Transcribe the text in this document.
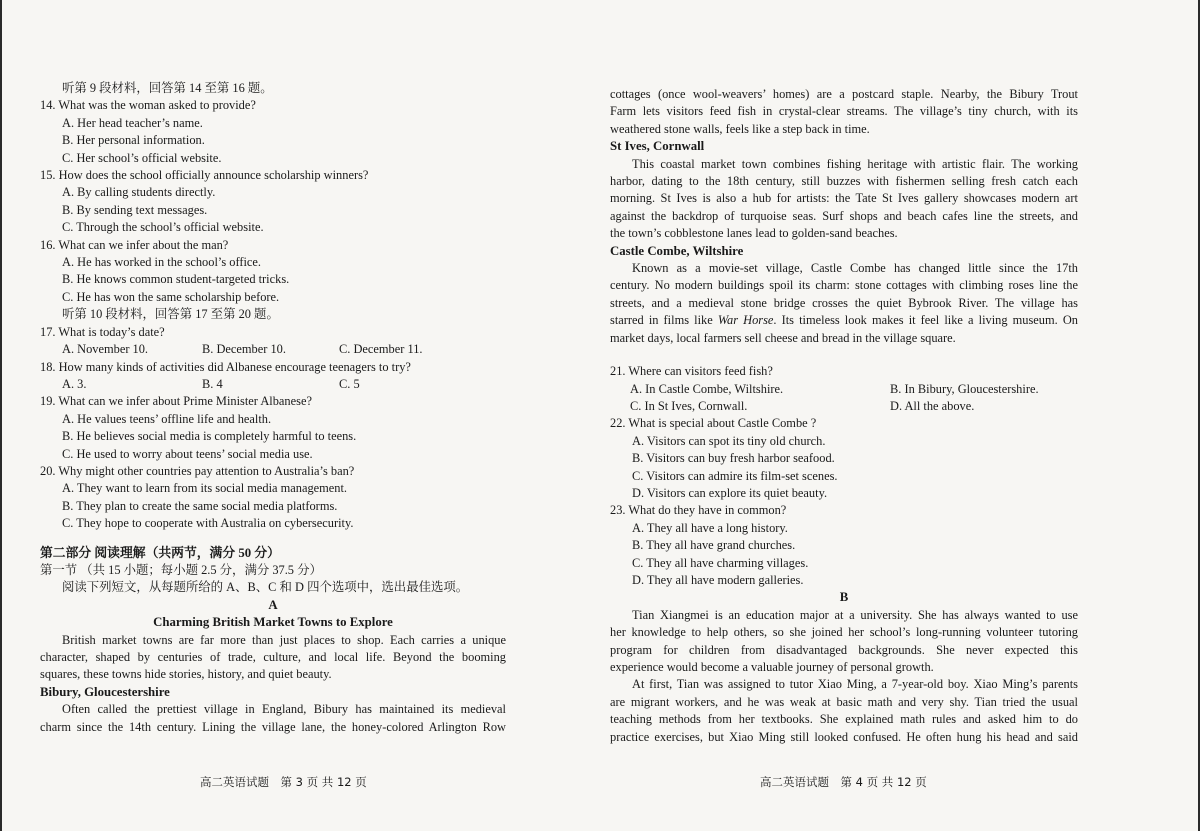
听第 9 段材料，回答第 14 至第 16 题。
14. What was the woman asked to provide?
A. Her head teacher’s name.
B. Her personal information.
C. Her school’s official website.
15. How does the school officially announce scholarship winners?
A. By calling students directly.
B. By sending text messages.
C. Through the school’s official website.
16. What can we infer about the man?
A. He has worked in the school’s office.
B. He knows common student-targeted tricks.
C. He has won the same scholarship before.
听第 10 段材料，回答第 17 至第 20 题。
17. What is today’s date?
A. November 10.	B. December 10.	C. December 11.
18. How many kinds of activities did Albanese encourage teenagers to try?
A. 3.	B. 4	C. 5
19. What can we infer about Prime Minister Albanese?
A. He values teens’ offline life and health.
B. He believes social media is completely harmful to teens.
C. He used to worry about teens’ social media use.
20. Why might other countries pay attention to Australia’s ban?
A. They want to learn from its social media management.
B. They plan to create the same social media platforms.
C. They hope to cooperate with Australia on cybersecurity.
第二部分 阅读理解（共两节，满分 50 分）
第一节 （共 15 小题；每小题 2.5 分，满分 37.5 分）
阅读下列短文，从每题所给的 A、B、C 和 D 四个选项中，选出最佳选项。
A
Charming British Market Towns to Explore
British market towns are far more than just places to shop. Each carries a unique
character, shaped by centuries of trade, culture, and local life. Beyond the booming
squares, these towns hide stories, history, and quiet beauty.
Bibury, Gloucestershire
Often called the prettiest village in England, Bibury has maintained its medieval
charm since the 14th century. Lining the village lane, the honey-colored Arlington Row
高二英语试题　第 3 页 共 12 页
cottages (once wool-weavers’ homes) are a postcard staple. Nearby, the Bibury Trout
Farm lets visitors feed fish in crystal-clear streams. The village’s tiny church, with its
weathered stone walls, feels like a step back in time.
St Ives, Cornwall
This coastal market town combines fishing heritage with artistic flair. The working
harbor, dating to the 18th century, still buzzes with fishermen selling fresh catch each
morning. St Ives is also a hub for artists: the Tate St Ives gallery showcases modern art
against the backdrop of turquoise seas. Surf shops and beach cafes line the streets, and
the town’s cobblestone lanes lead to golden-sand beaches.
Castle Combe, Wiltshire
Known as a movie-set village, Castle Combe has changed little since the 17th
century. No modern buildings spoil its charm: stone cottages with climbing roses line the
streets, and a medieval stone bridge crosses the quiet Bybrook River. The village has
starred in films like War Horse. Its timeless look makes it feel like a living museum. On
market days, local farmers sell cheese and bread in the village square.
21. Where can visitors feed fish?
A. In Castle Combe, Wiltshire.	B. In Bibury, Gloucestershire.
C. In St Ives, Cornwall.	D. All the above.
22. What is special about Castle Combe ?
A. Visitors can spot its tiny old church.
B. Visitors can buy fresh harbor seafood.
C. Visitors can admire its film-set scenes.
D. Visitors can explore its quiet beauty.
23. What do they have in common?
A. They all have a long history.
B. They all have grand churches.
C. They all have charming villages.
D. They all have modern galleries.
B
Tian Xiangmei is an education major at a university. She has always wanted to use
her knowledge to help others, so she joined her school’s long-running volunteer tutoring
program for children from disadvantaged backgrounds. She never expected this
experience would become a valuable journey of personal growth.
At first, Tian was assigned to tutor Xiao Ming, a 7-year-old boy. Xiao Ming’s parents
are migrant workers, and he was weak at basic math and very shy. Tian tried the usual
teaching methods from her textbooks. She explained math rules and asked him to do
practice exercises, but Xiao Ming still looked confused. He often hung his head and said
高二英语试题　第 4 页 共 12 页
